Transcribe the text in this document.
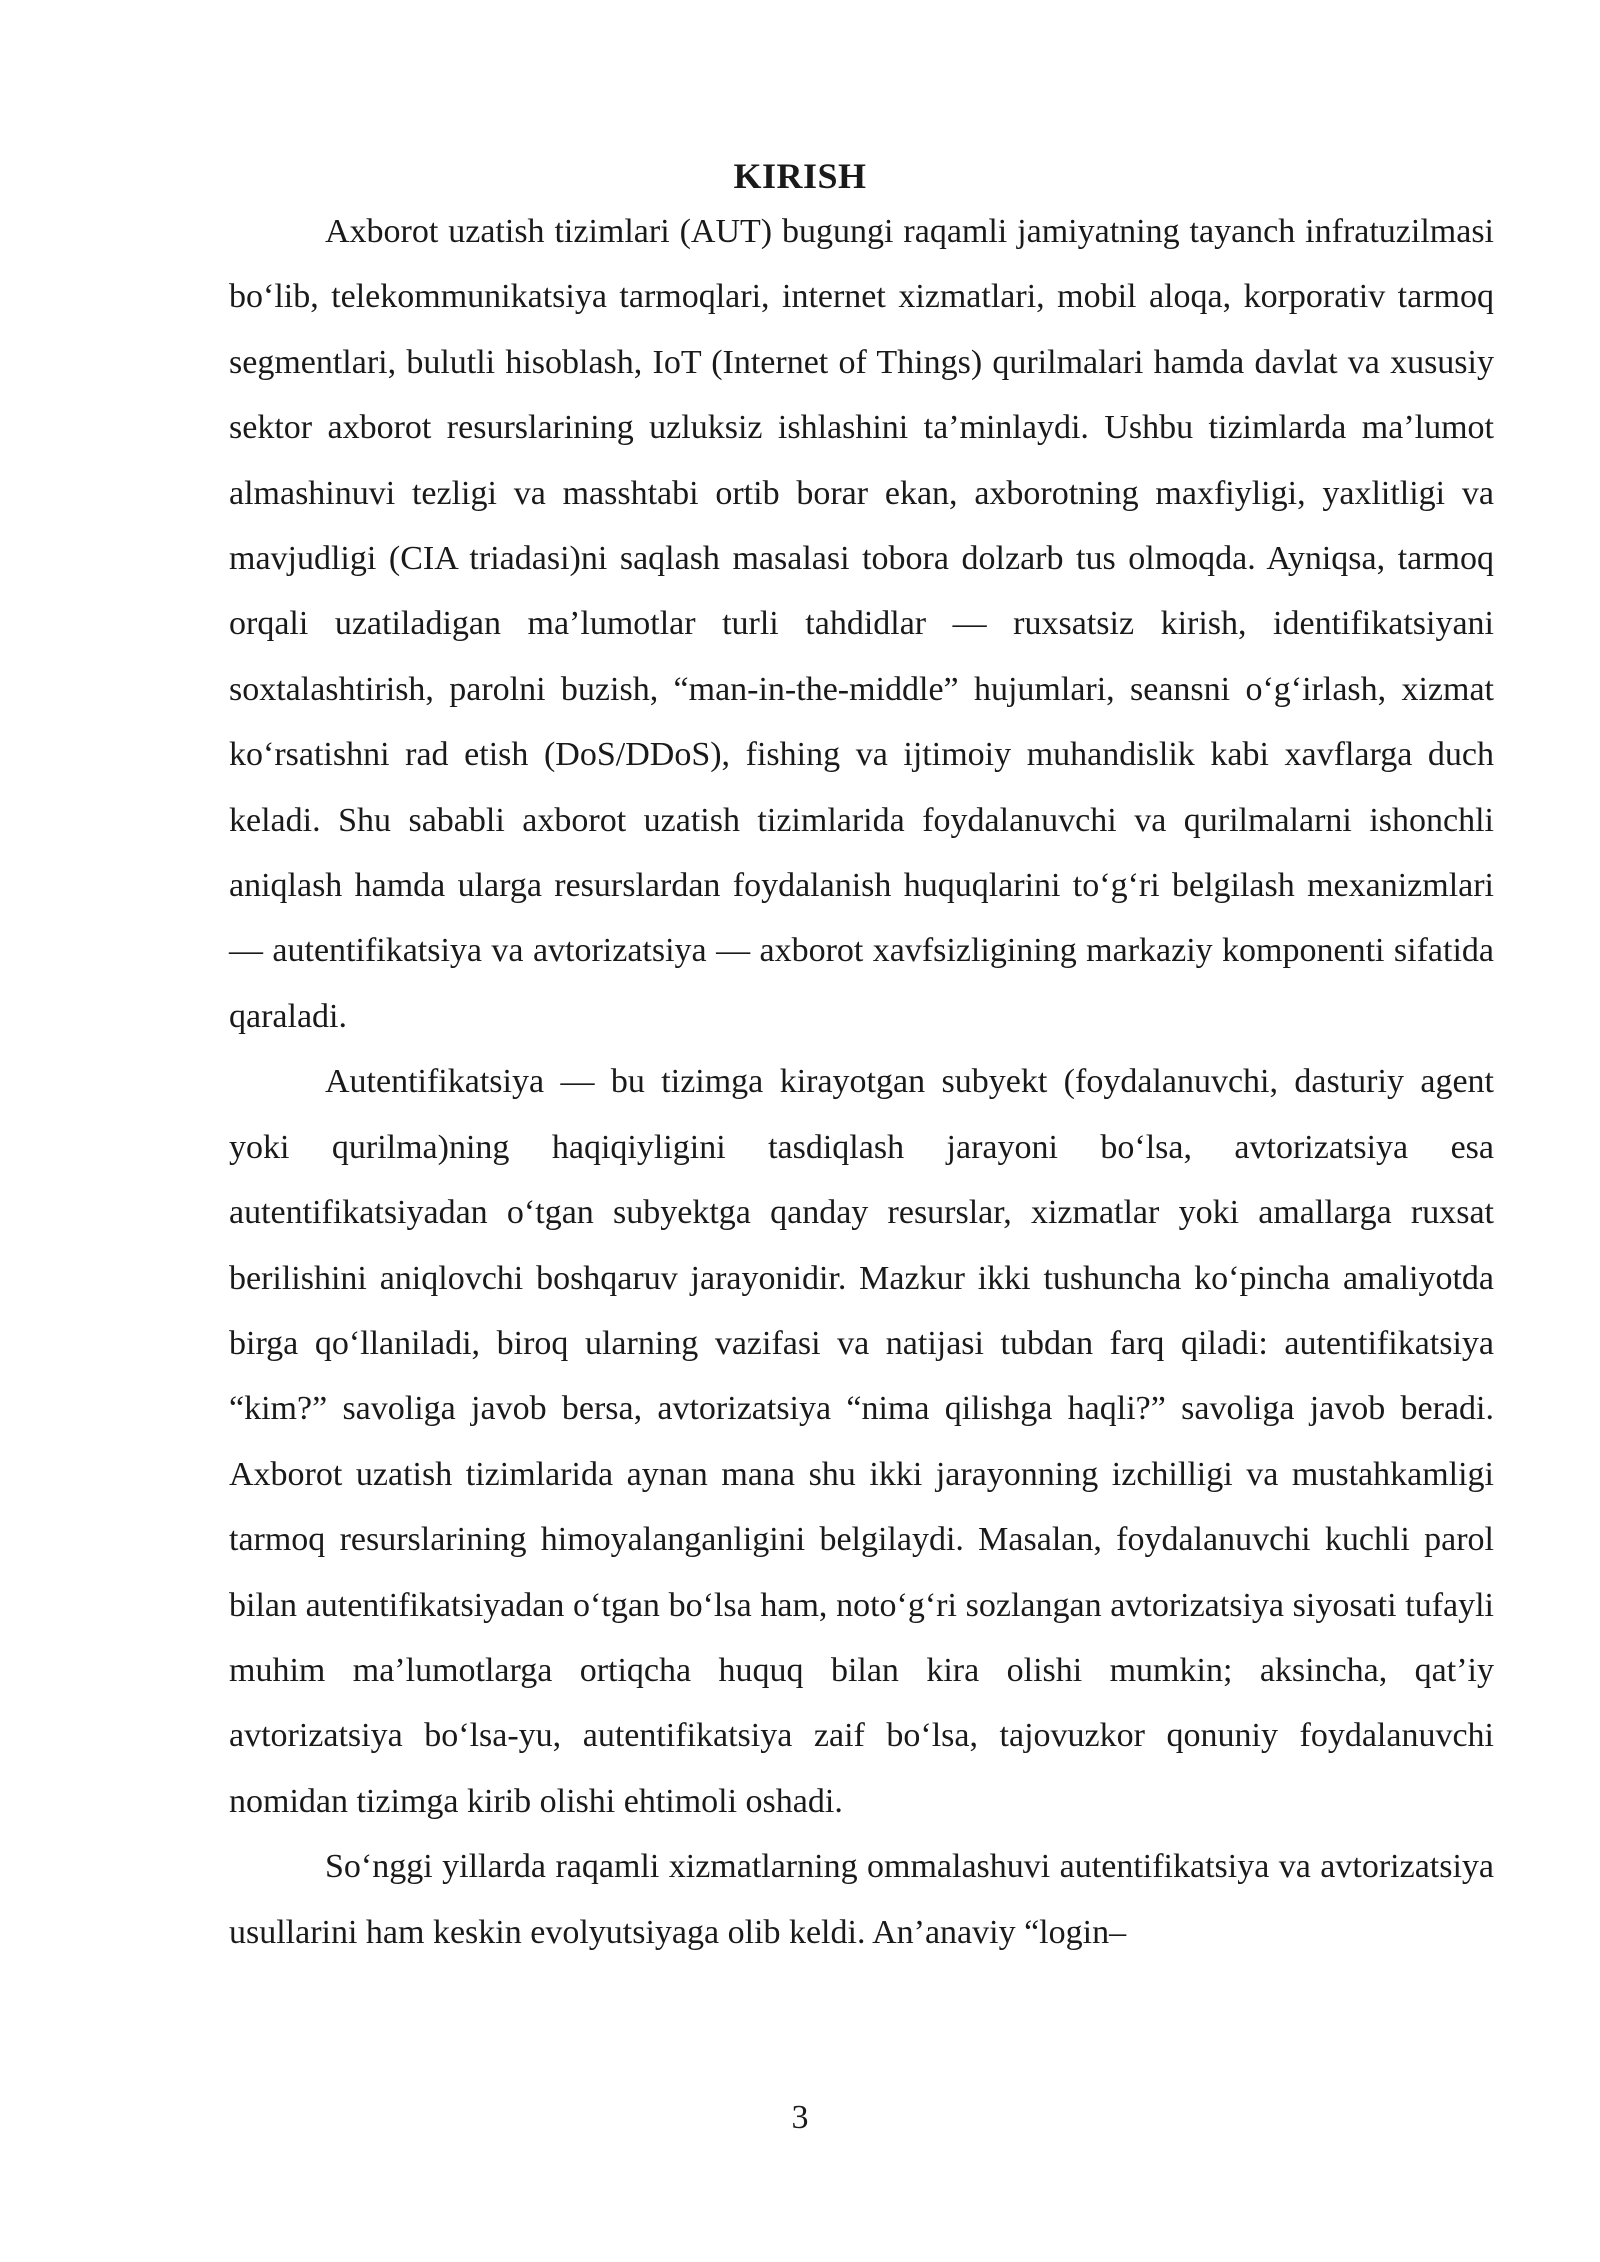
KIRISH

Axborot uzatish tizimlari (AUT) bugungi raqamli jamiyatning tayanch infratuzilmasi bo‘lib, telekommunikatsiya tarmoqlari, internet xizmatlari, mobil aloqa, korporativ tarmoq segmentlari, bulutli hisoblash, IoT (Internet of Things) qurilmalari hamda davlat va xususiy sektor axborot resurslarining uzluksiz ishlashini ta’minlaydi. Ushbu tizimlarda ma’lumot almashinuvi tezligi va masshtabi ortib borar ekan, axborotning maxfiyligi, yaxlitligi va mavjudligi (CIA triadasi)ni saqlash masalasi tobora dolzarb tus olmoqda. Ayniqsa, tarmoq orqali uzatiladigan ma’lumotlar turli tahdidlar — ruxsatsiz kirish, identifikatsiyani soxtalashtirish, parolni buzish, “man-in-the-middle” hujumlari, seansni o‘g‘irlash, xizmat ko‘rsatishni rad etish (DoS/DDoS), fishing va ijtimoiy muhandislik kabi xavflarga duch keladi. Shu sababli axborot uzatish tizimlarida foydalanuvchi va qurilmalarni ishonchli aniqlash hamda ularga resurslardan foydalanish huquqlarini to‘g‘ri belgilash mexanizmlari — autentifikatsiya va avtorizatsiya — axborot xavfsizligining markaziy komponenti sifatida qaraladi.

Autentifikatsiya — bu tizimga kirayotgan subyekt (foydalanuvchi, dasturiy agent yoki qurilma)ning haqiqiyligini tasdiqlash jarayoni bo‘lsa, avtorizatsiya esa autentifikatsiyadan o‘tgan subyektga qanday resurslar, xizmatlar yoki amallarga ruxsat berilishini aniqlovchi boshqaruv jarayonidir. Mazkur ikki tushuncha ko‘pincha amaliyotda birga qo‘llaniladi, biroq ularning vazifasi va natijasi tubdan farq qiladi: autentifikatsiya “kim?” savoliga javob bersa, avtorizatsiya “nima qilishga haqli?” savoliga javob beradi. Axborot uzatish tizimlarida aynan mana shu ikki jarayonning izchilligi va mustahkamligi tarmoq resurslarining himoyalanganligini belgilaydi. Masalan, foydalanuvchi kuchli parol bilan autentifikatsiyadan o‘tgan bo‘lsa ham, noto‘g‘ri sozlangan avtorizatsiya siyosati tufayli muhim ma’lumotlarga ortiqcha huquq bilan kira olishi mumkin; aksincha, qat’iy avtorizatsiya bo‘lsa-yu, autentifikatsiya zaif bo‘lsa, tajovuzkor qonuniy foydalanuvchi nomidan tizimga kirib olishi ehtimoli oshadi.

So‘nggi yillarda raqamli xizmatlarning ommalashuvi autentifikatsiya va avtorizatsiya usullarini ham keskin evolyutsiyaga olib keldi. An’anaviy “login–

3
